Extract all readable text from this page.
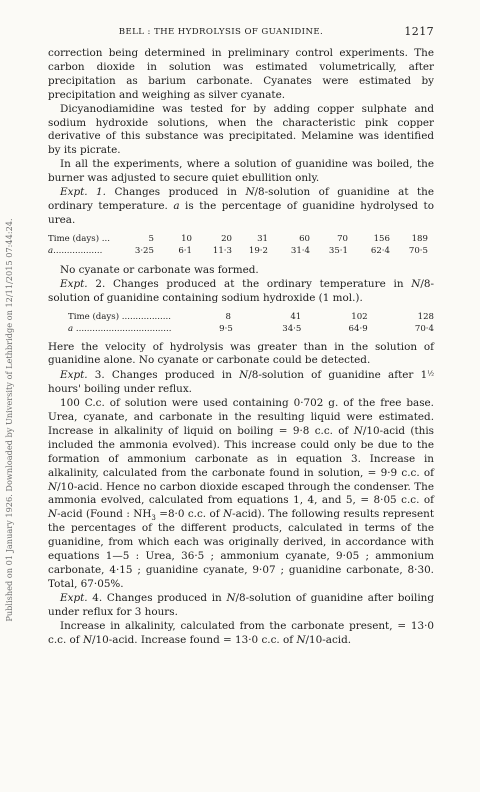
Published on 01 January 1926. Downloaded by University of Lethbridge on 12/11/2015 07:44:24.
BELL : THE HYDROLYSIS OF GUANIDINE.	1217

correction being determined in preliminary control experiments. The carbon dioxide in solution was estimated volumetrically, after precipitation as barium carbonate. Cyanates were estimated by precipitation and weighing as silver cyanate.

Dicyanodiamidine was tested for by adding copper sulphate and sodium hydroxide solutions, when the characteristic pink copper derivative of this substance was precipitated. Melamine was identified by its picrate.

In all the experiments, where a solution of guanidine was boiled, the burner was adjusted to secure quiet ebullition only.

Expt. 1. Changes produced in N/8-solution of guanidine at the ordinary temperature. a is the percentage of guanidine hydrolysed to urea.

Time (days) ...	5	10	20	31	60	70	156	189
a..................	3·25	6·1	11·3	19·2	31·4	35·1	62·4	70·5

No cyanate or carbonate was formed.

Expt. 2. Changes produced at the ordinary temperature in N/8-solution of guanidine containing sodium hydroxide (1 mol.).

Time (days) ..................	8	41	102	128
a ...................................	9·5	34·5	64·9	70·4

Here the velocity of hydrolysis was greater than in the solution of guanidine alone. No cyanate or carbonate could be detected.

Expt. 3. Changes produced in N/8-solution of guanidine after 1½ hours' boiling under reflux.

100 C.c. of solution were used containing 0·702 g. of the free base. Urea, cyanate, and carbonate in the resulting liquid were estimated. Increase in alkalinity of liquid on boiling = 9·8 c.c. of N/10-acid (this included the ammonia evolved). This increase could only be due to the formation of ammonium carbonate as in equation 3. Increase in alkalinity, calculated from the carbonate found in solution, = 9·9 c.c. of N/10-acid. Hence no carbon dioxide escaped through the condenser. The ammonia evolved, calculated from equations 1, 4, and 5, = 8·05 c.c. of N-acid (Found : $NH_3 =8\cdot 0$ c.c. of N-acid). The following results represent the percentages of the different products, calculated in terms of the guanidine, from which each was originally derived, in accordance with equations 1—5 : Urea, 36·5 ; ammonium cyanate, 9·05 ; ammonium carbonate, 4·15 ; guanidine cyanate, 9·07 ; guanidine carbonate, 8·30. Total, 67·05%.

Expt. 4. Changes produced in N/8-solution of guanidine after boiling under reflux for 3 hours.

Increase in alkalinity, calculated from the carbonate present, = 13·0 c.c. of N/10-acid. Increase found = 13·0 c.c. of N/10-acid.
